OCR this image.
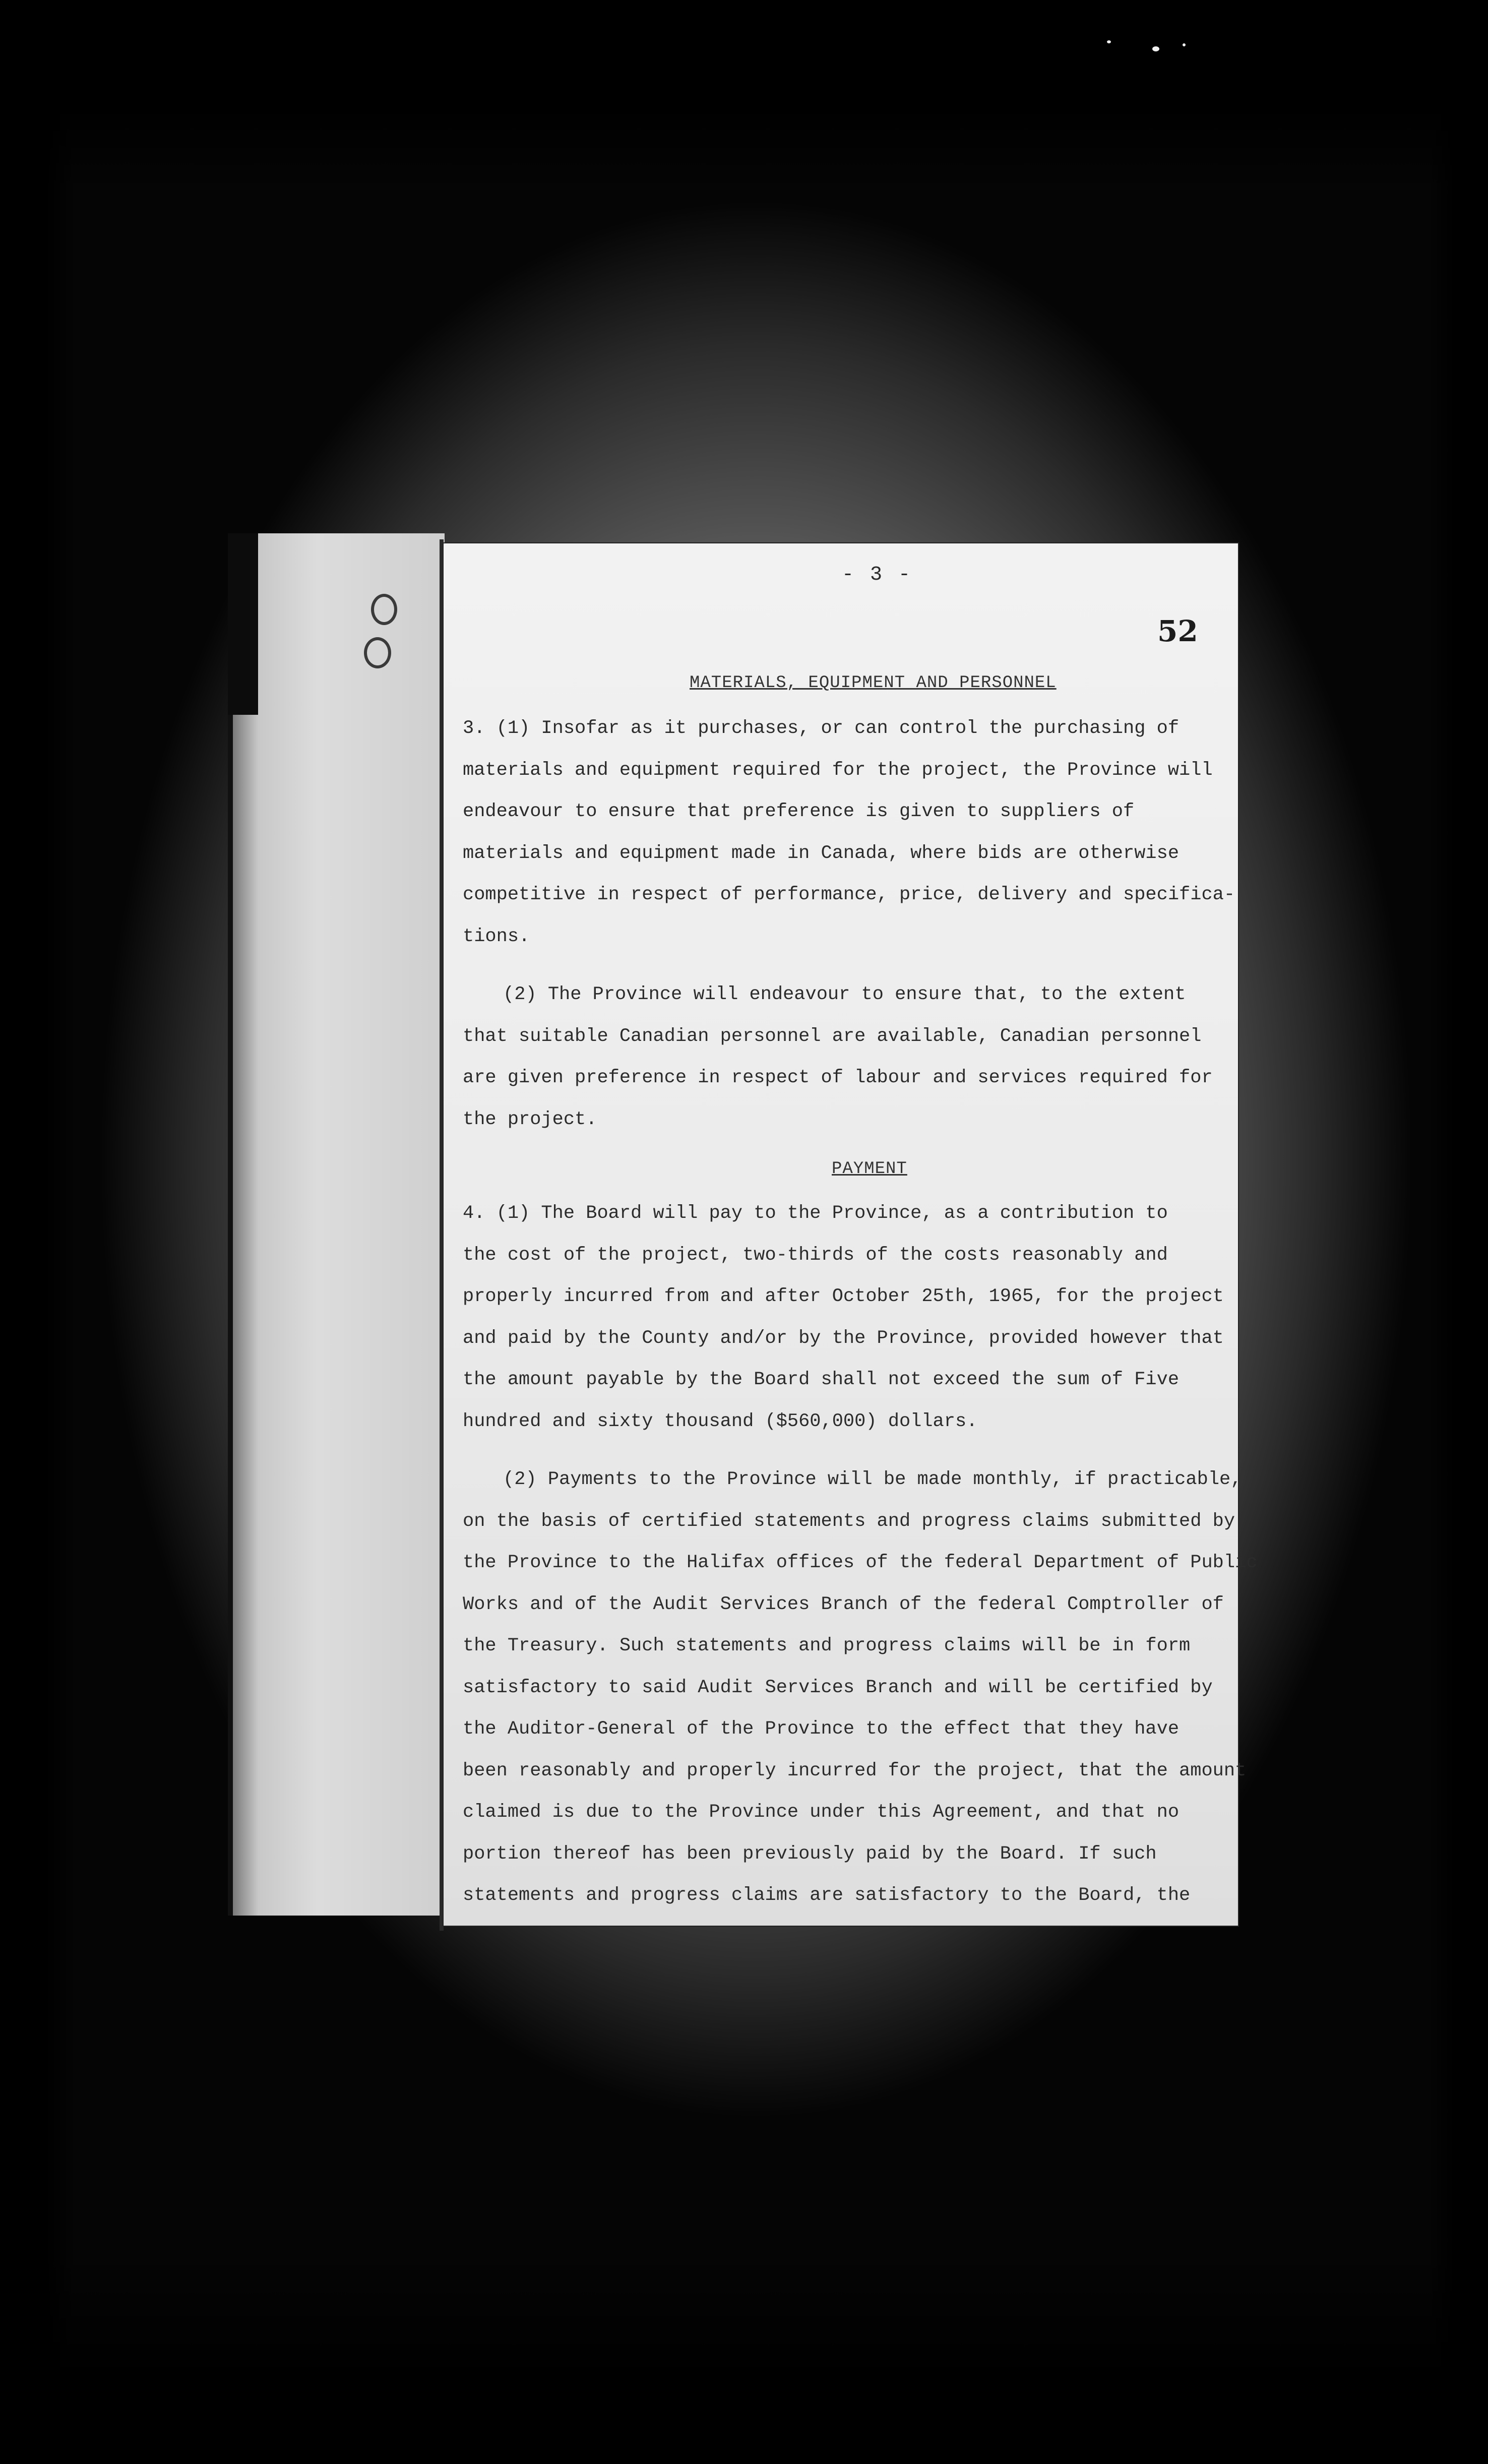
- 3 -
52
MATERIALS, EQUIPMENT AND PERSONNEL

3. (1) Insofar as it purchases, or can control the purchasing of

materials and equipment required for the project, the Province will

endeavour to ensure that preference is given to suppliers of

materials and equipment made in Canada, where bids are otherwise

competitive in respect of performance, price, delivery and specifica-

tions.

(2) The Province will endeavour to ensure that, to the extent

that suitable Canadian personnel are available, Canadian personnel

are given preference in respect of labour and services required for

the project.

PAYMENT

4. (1) The Board will pay to the Province, as a contribution to

the cost of the project, two-thirds of the costs reasonably and

properly incurred from and after October 25th, 1965, for the project

and paid by the County and/or by the Province, provided however that

the amount payable by the Board shall not exceed the sum of Five

hundred and sixty thousand ($560,000) dollars.

(2) Payments to the Province will be made monthly, if practicable,

on the basis of certified statements and progress claims submitted by

the Province to the Halifax offices of the federal Department of Public

Works and of the Audit Services Branch of the federal Comptroller of

the Treasury. Such statements and progress claims will be in form

satisfactory to said Audit Services Branch and will be certified by

the Auditor-General of the Province to the effect that they have

been reasonably and properly incurred for the project, that the amount

claimed is due to the Province under this Agreement, and that no

portion thereof has been previously paid by the Board. If such

statements and progress claims are satisfactory to the Board, the
